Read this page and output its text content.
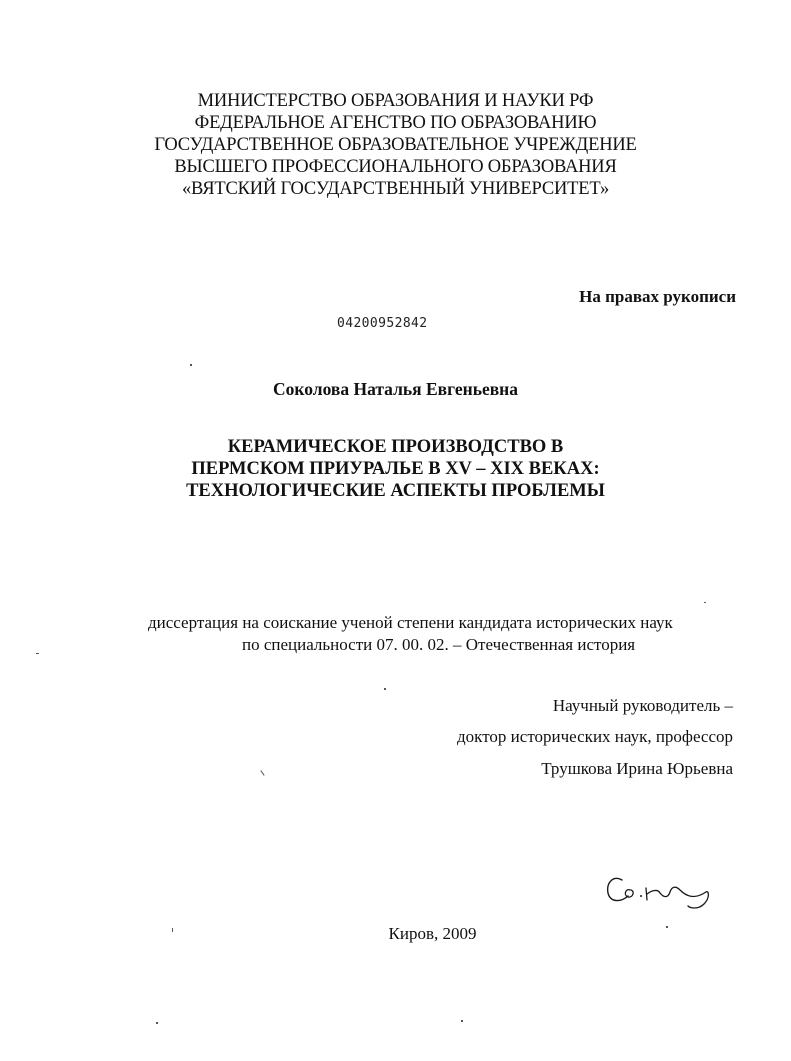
МИНИСТЕРСТВО ОБРАЗОВАНИЯ И НАУКИ РФ
ФЕДЕРАЛЬНОЕ АГЕНСТВО ПО ОБРАЗОВАНИЮ
ГОСУДАРСТВЕННОЕ ОБРАЗОВАТЕЛЬНОЕ УЧРЕЖДЕНИЕ
ВЫСШЕГО ПРОФЕССИОНАЛЬНОГО ОБРАЗОВАНИЯ
«ВЯТСКИЙ ГОСУДАРСТВЕННЫЙ УНИВЕРСИТЕТ»
На правах рукописи
04200952842
Соколова Наталья Евгеньевна
КЕРАМИЧЕСКОЕ ПРОИЗВОДСТВО В
ПЕРМСКОМ ПРИУРАЛЬЕ В XV – XIX ВЕКАХ:
ТЕХНОЛОГИЧЕСКИЕ АСПЕКТЫ ПРОБЛЕМЫ
диссертация на соискание ученой степени кандидата исторических наук
по специальности 07. 00. 02. – Отечественная история
Научный руководитель –
доктор исторических наук, профессор
Трушкова Ирина Юрьевна
Киров, 2009
